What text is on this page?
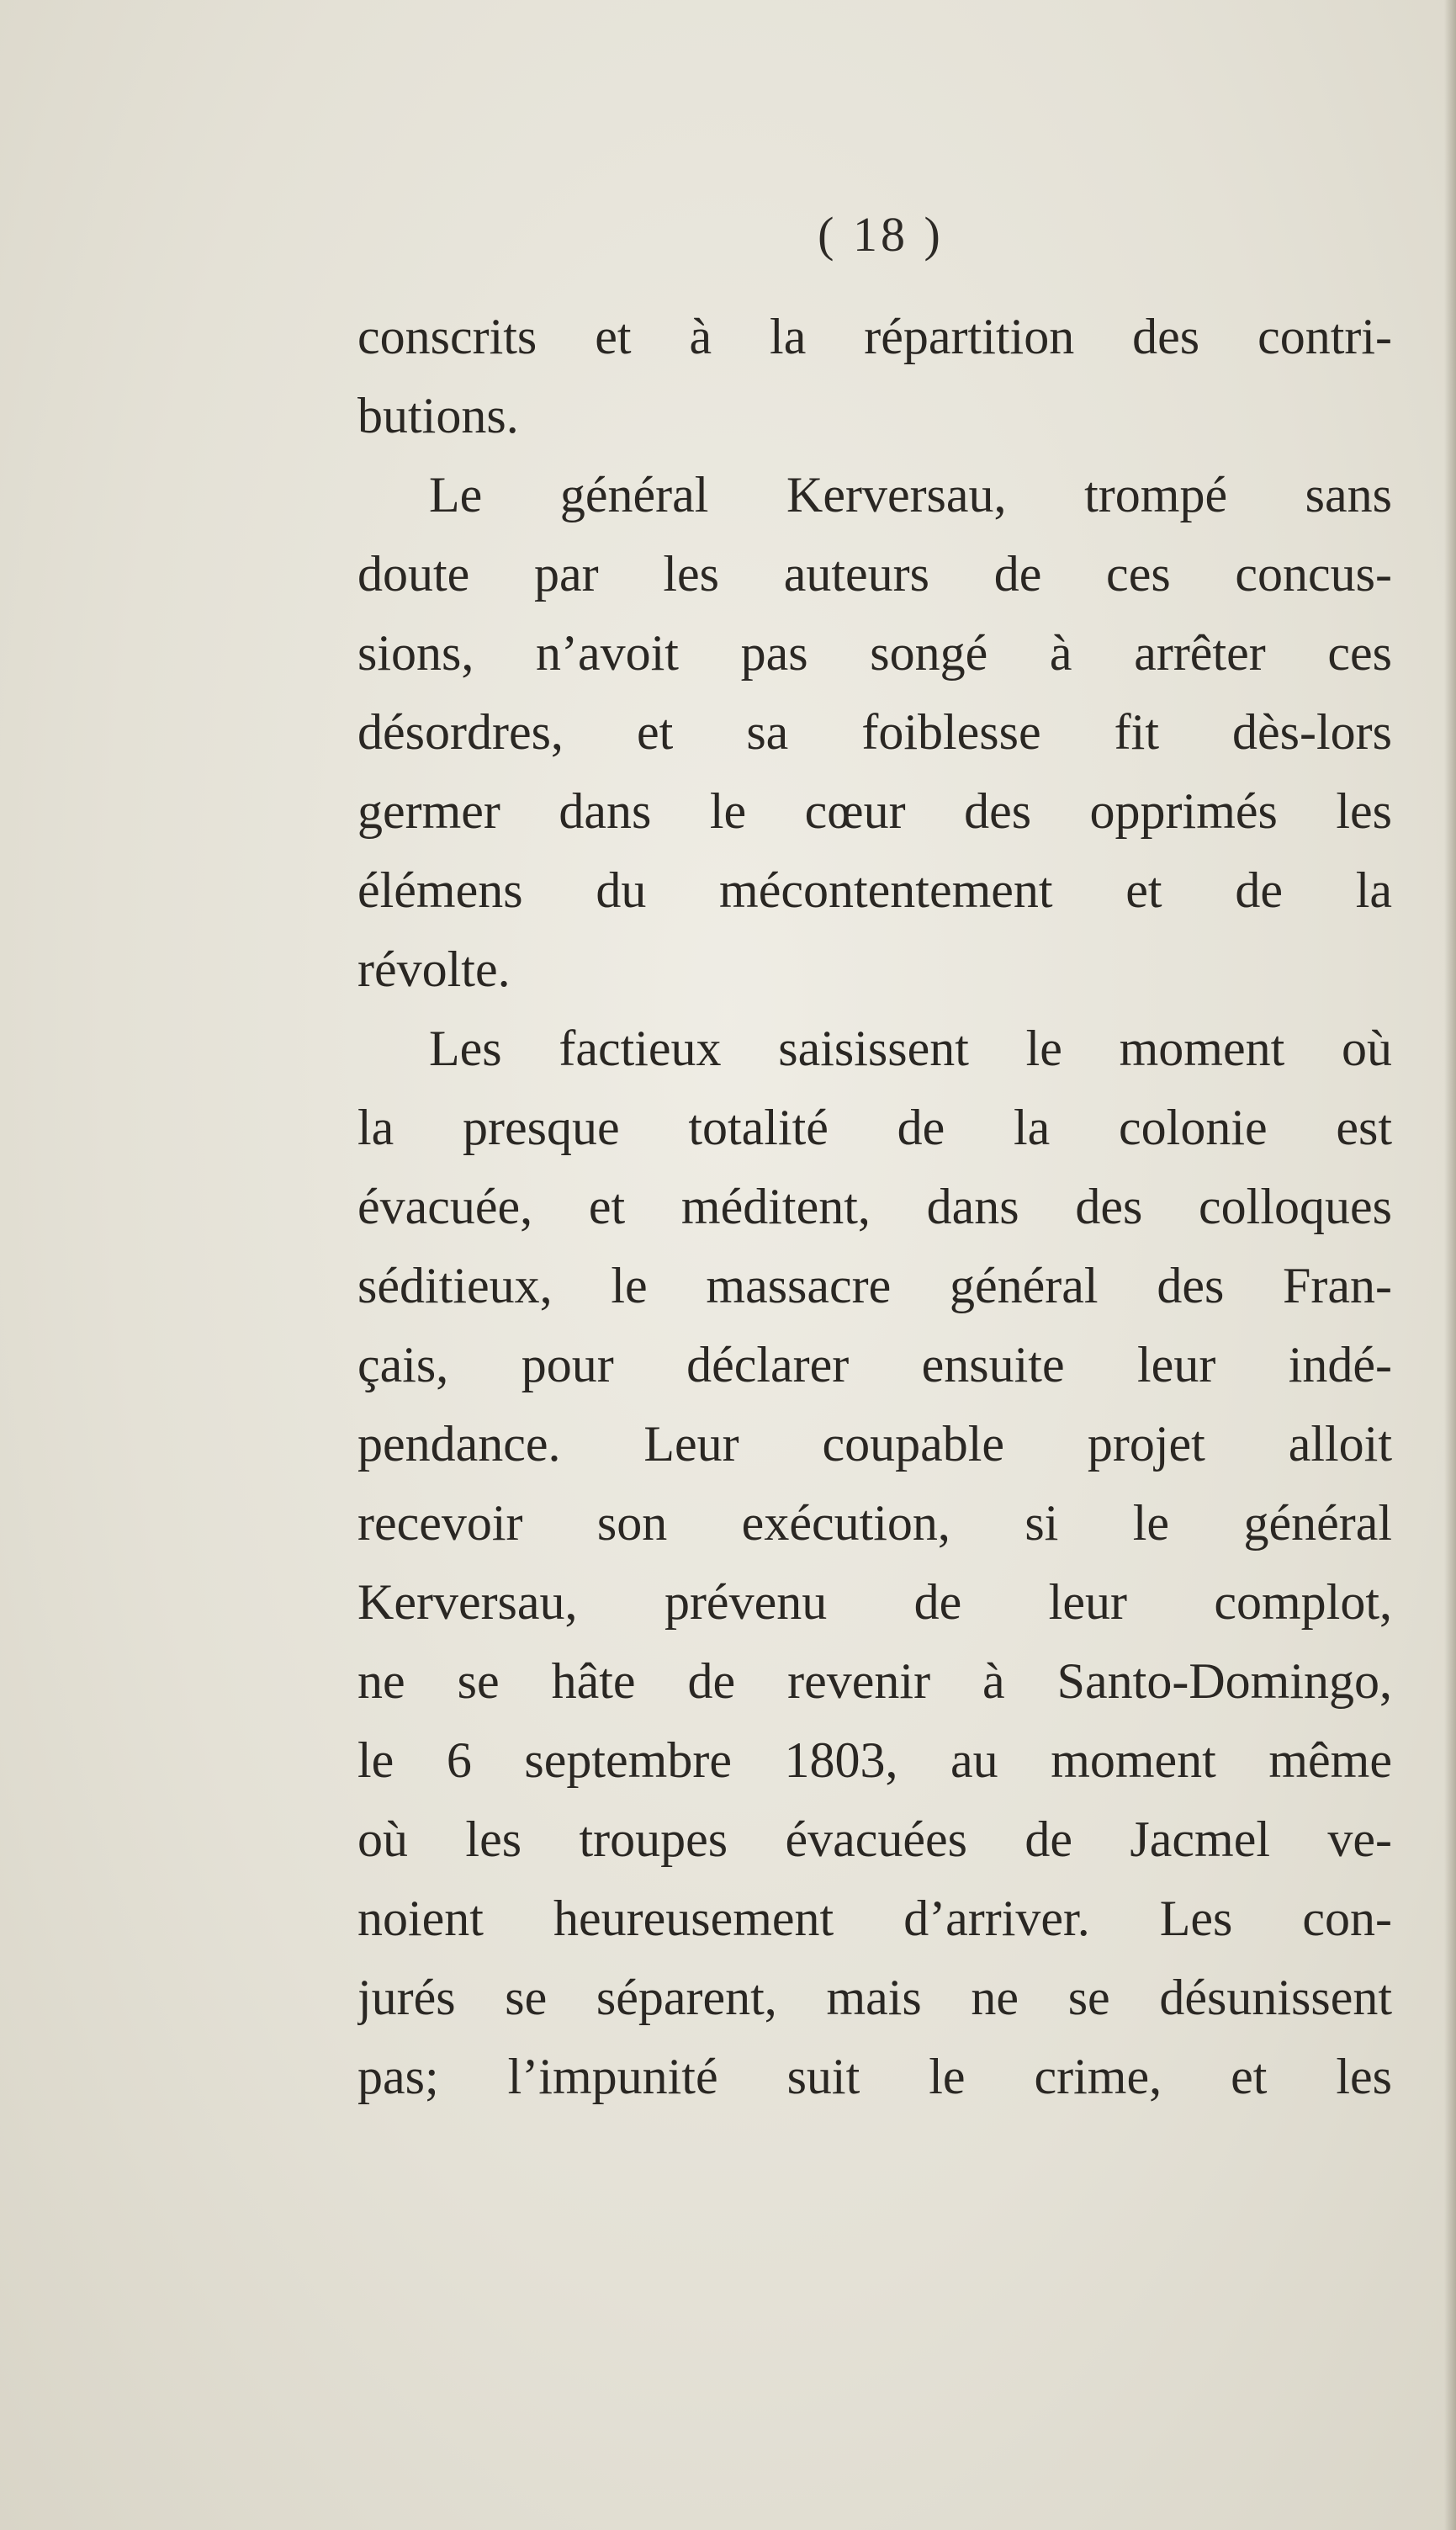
( 18 )
conscrits et à la répartition des contri-
butions.
Le général Kerversau, trompé sans
doute par les auteurs de ces concus-
sions, n’avoit pas songé à arrêter ces
désordres, et sa foiblesse fit dès-lors
germer dans le cœur des opprimés les
élémens du mécontentement et de la
révolte.
Les factieux saisissent le moment où
la presque totalité de la colonie est
évacuée, et méditent, dans des colloques
séditieux, le massacre général des Fran-
çais, pour déclarer ensuite leur indé-
pendance. Leur coupable projet alloit
recevoir son exécution, si le général
Kerversau, prévenu de leur complot,
ne se hâte de revenir à Santo-Domingo,
le 6 septembre 1803, au moment même
où les troupes évacuées de Jacmel ve-
noient heureusement d’arriver. Les con-
jurés se séparent, mais ne se désunissent
pas; l’impunité suit le crime, et les
